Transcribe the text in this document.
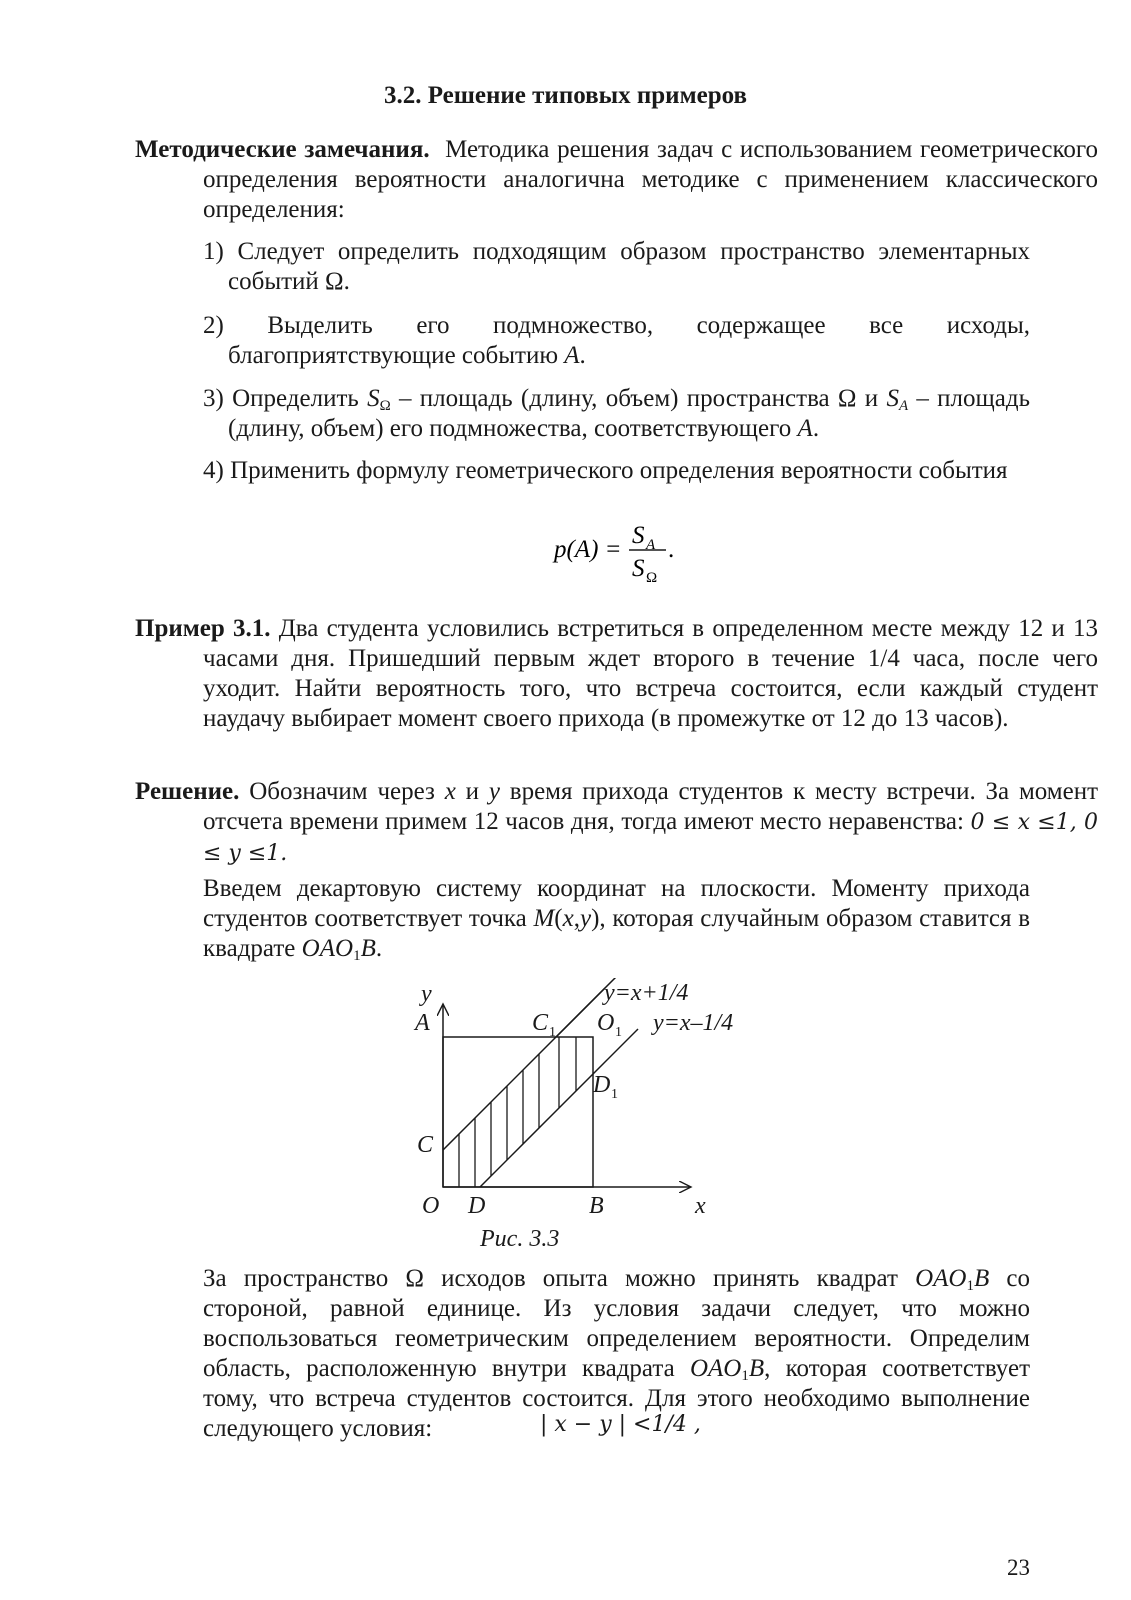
3.2. Решение типовых примеров
Методические замечания. Методика решения задач с использованием геометрического определения вероятности аналогична методике с применением классического определения:
1) Следует определить подходящим образом пространство элементарных событий Ω.
2) Выделить его подмножество, содержащее все исходы, благоприятствующие событию A.
3) Определить $S_\Omega$ – площадь (длину, объем) пространства Ω и $S_A$ – площадь (длину, объем) его подмножества, соответствующего A.
4) Применить формулу геометрического определения вероятности события
p(A) =
S A
S Ω
.
Пример 3.1. Два студента условились встретиться в определенном месте между 12 и 13 часами дня. Пришедший первым ждет второго в течение 1/4 часа, после чего уходит. Найти вероятность того, что встреча состоится, если каждый студент наудачу выбирает момент своего прихода (в промежутке от 12 до 13 часов).
Решение. Обозначим через x и y время прихода студентов к месту встречи. За момент отсчета времени примем 12 часов дня, тогда имеют место неравенства: 0 ≤ x ≤1, 0 ≤ y ≤1.
Введем декартовую систему координат на плоскости. Моменту прихода студентов соответствует точка M(x,y), которая случайным образом ставится в квадрате $OAO_1B$.
y
A
C
O D	B	x
C 1 O 1
D 1
y=x+1/4
y=x–1/4
Рис. 3.3
За пространство Ω исходов опыта можно принять квадрат $OAO_1B$ со стороной, равной единице. Из условия задачи следует, что можно воспользоваться геометрическим определением вероятности. Определим область, расположенную внутри квадрата $OAO_1B$, которая соответствует тому, что встреча студентов состоится. Для этого необходимо выполнение следующего условия:	| x − y | <1/4 ,
23
